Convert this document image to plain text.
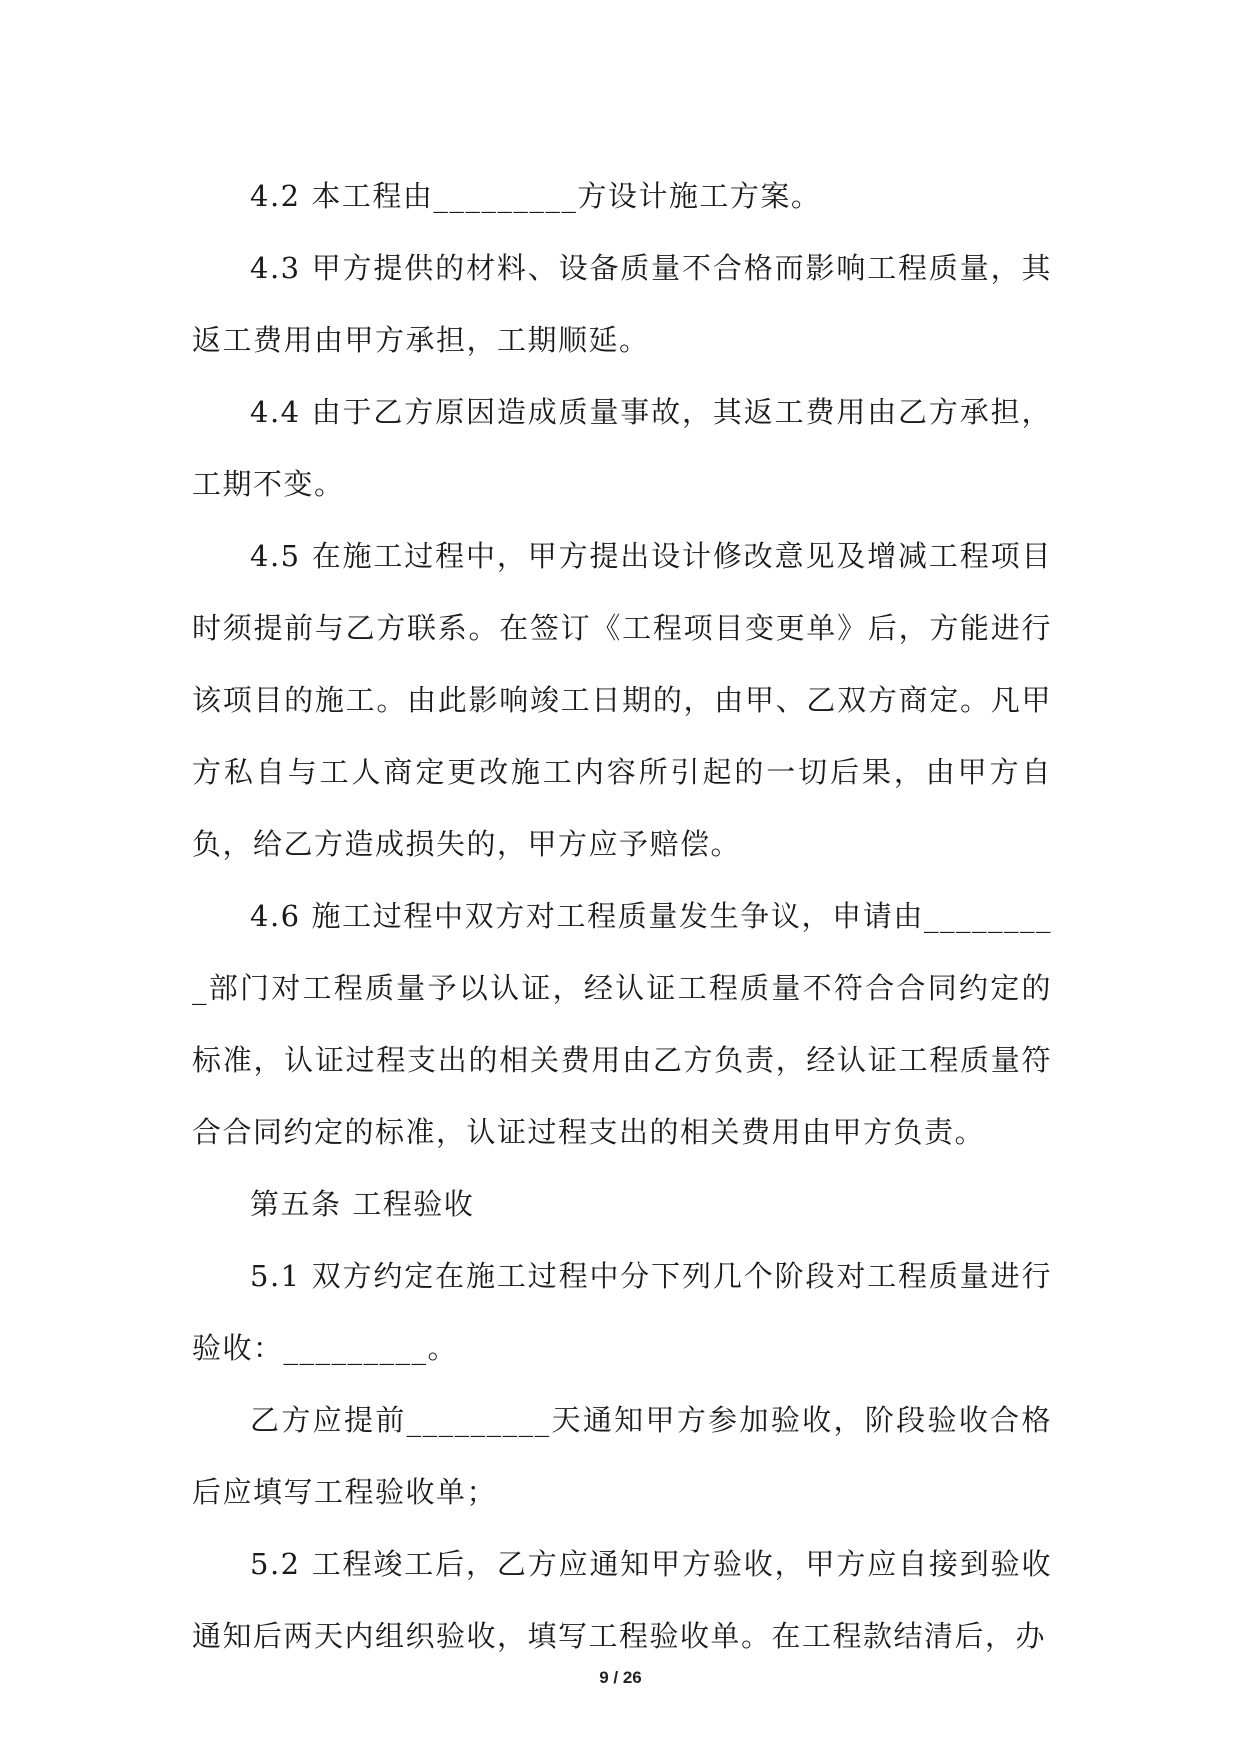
4.2 本工程由_________方设计施工方案。

4.3 甲方提供的材料、设备质量不合格而影响工程质量，其返工费用由甲方承担，工期顺延。

4.4 由于乙方原因造成质量事故，其返工费用由乙方承担，工期不变。

4.5 在施工过程中，甲方提出设计修改意见及增减工程项目时须提前与乙方联系。在签订《工程项目变更单》后，方能进行该项目的施工。由此影响竣工日期的，由甲、乙双方商定。凡甲方私自与工人商定更改施工内容所引起的一切后果，由甲方自负，给乙方造成损失的，甲方应予赔偿。

4.6 施工过程中双方对工程质量发生争议，申请由_________部门对工程质量予以认证，经认证工程质量不符合合同约定的标准，认证过程支出的相关费用由乙方负责，经认证工程质量符合合同约定的标准，认证过程支出的相关费用由甲方负责。

第五条 工程验收

5.1 双方约定在施工过程中分下列几个阶段对工程质量进行验收：_________。

乙方应提前_________天通知甲方参加验收，阶段验收合格后应填写工程验收单；

5.2 工程竣工后，乙方应通知甲方验收，甲方应自接到验收通知后两天内组织验收，填写工程验收单。在工程款结清后，办

9 / 26
